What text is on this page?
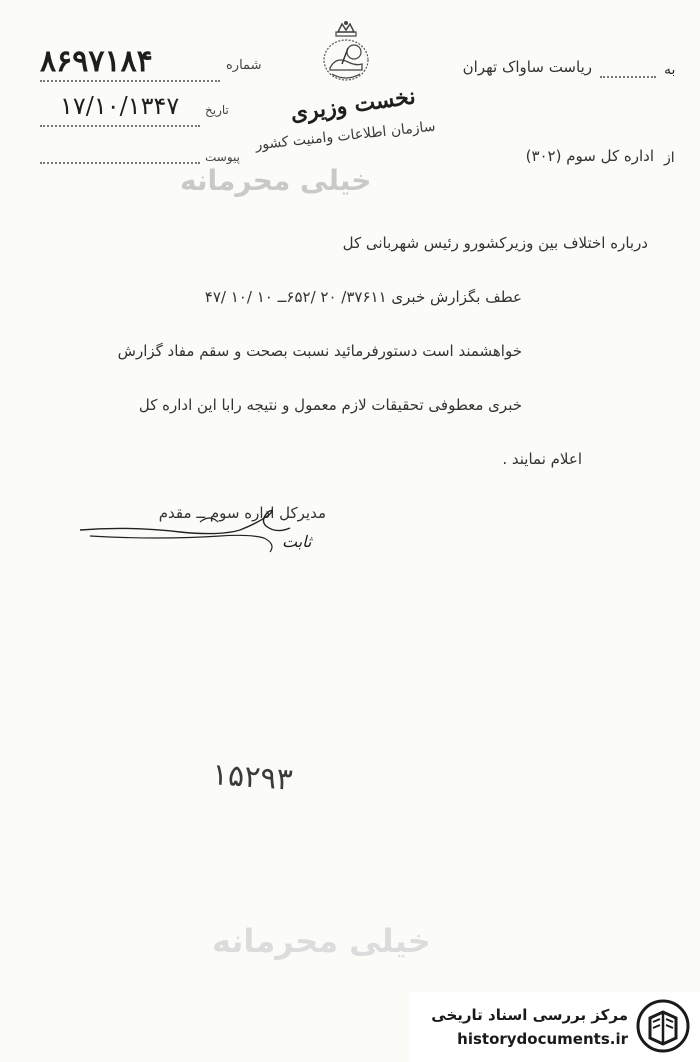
نخست وزیری
سازمان اطلاعات وامنیت کشور
شماره
۸۶۹۷۱۸۴
تاریخ
۱۷/۱۰/۱۳۴۷
پیوست
به
ریاست ساواک تهران
از
اداره کل سوم (۳۰۲)
خیلی محرمانه
درباره اختلاف بین وزیرکشورو رئیس شهربانی کل
عطف بگزارش خبری ۳۷۶۱۱/ ۲۰ /۶۵۲ــ ۱۰ /۱۰ /۴۷
خواهشمند است دستورفرمائید نسبت بصحت و سقم مفاد گزارش
خبری معطوفی تحقیقات لازم معمول و نتیجه رابا این اداره کل
اعلام نمایند .
مدیرکل اداره سوم ــ مقدم
ثابت
۱۵۲۹۳
خیلی محرمانه
مرکز بررسی اسناد تاریخی
historydocuments.ir
